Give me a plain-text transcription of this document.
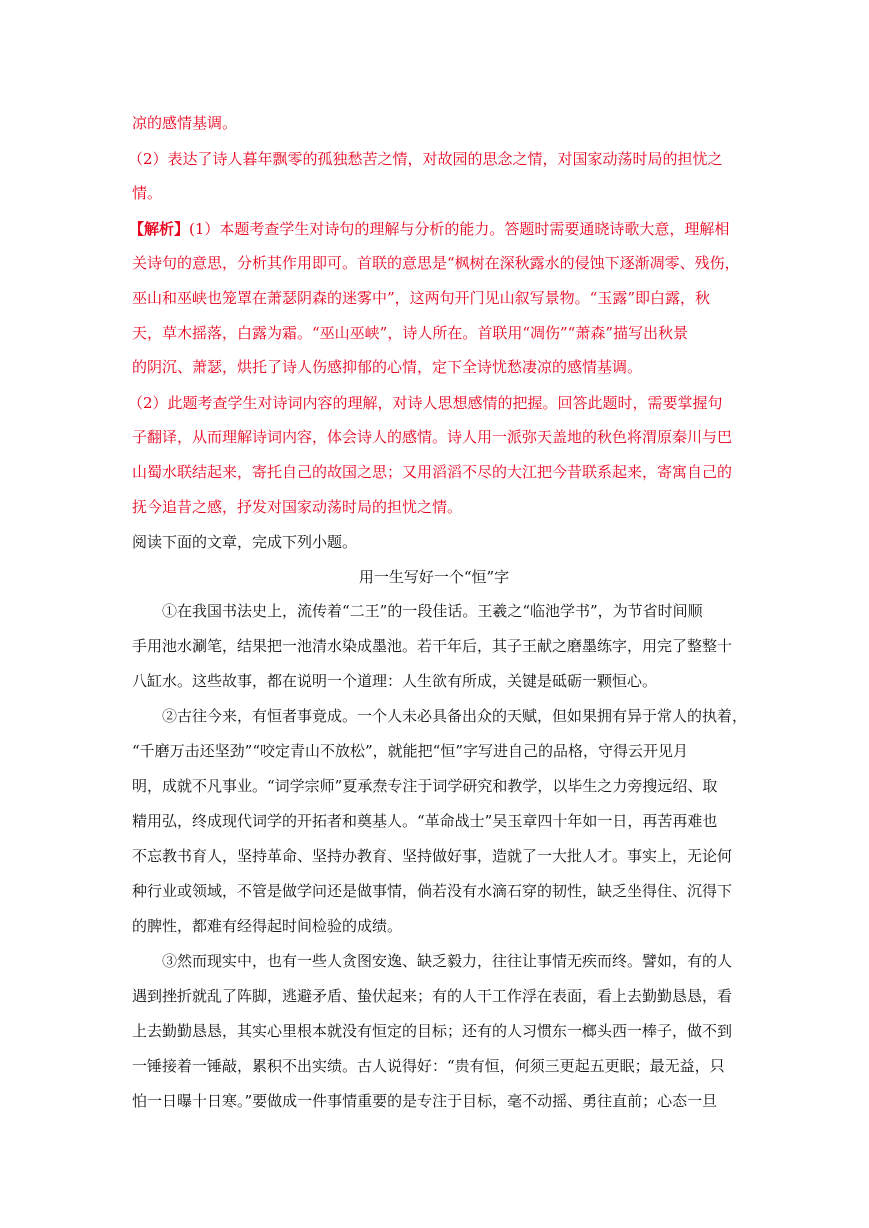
凉的感情基调。

（2）表达了诗人暮年飘零的孤独愁苦之情，对故园的思念之情，对国家动荡时局的担忧之

情。

【解析】(1）本题考查学生对诗句的理解与分析的能力。答题时需要通晓诗歌大意，理解相

关诗句的意思，分析其作用即可。首联的意思是“枫树在深秋露水的侵蚀下逐渐凋零、残伤，

巫山和巫峡也笼罩在萧瑟阴森的迷雾中”，这两句开门见山叙写景物。“玉露”即白露，秋

天，草木摇落，白露为霜。“巫山巫峡”，诗人所在。首联用“凋伤”“萧森”描写出秋景

的阴沉、萧瑟，烘托了诗人伤感抑郁的心情，定下全诗忧愁凄凉的感情基调。

（2）此题考查学生对诗词内容的理解，对诗人思想感情的把握。回答此题时，需要掌握句

子翻译，从而理解诗词内容，体会诗人的感情。诗人用一派弥天盖地的秋色将渭原秦川与巴

山蜀水联结起来，寄托自己的故国之思；又用滔滔不尽的大江把今昔联系起来，寄寓自己的

抚今追昔之感，抒发对国家动荡时局的担忧之情。

阅读下面的文章，完成下列小题。

用一生写好一个“恒”字

①在我国书法史上，流传着“二王”的一段佳话。王羲之“临池学书”，为节省时间顺

手用池水涮笔，结果把一池清水染成墨池。若干年后，其子王献之磨墨练字，用完了整整十

八缸水。这些故事，都在说明一个道理：人生欲有所成，关键是砥砺一颗恒心。

②古往今来，有恒者事竟成。一个人未必具备出众的天赋，但如果拥有异于常人的执着，

“千磨万击还坚劲”“咬定青山不放松”，就能把“恒”字写进自己的品格，守得云开见月

明，成就不凡事业。“词学宗师”夏承焘专注于词学研究和教学，以毕生之力旁搜远绍、取

精用弘，终成现代词学的开拓者和奠基人。“革命战士”吴玉章四十年如一日，再苦再难也

不忘教书育人，坚持革命、坚持办教育、坚持做好事，造就了一大批人才。事实上，无论何

种行业或领域，不管是做学问还是做事情，倘若没有水滴石穿的韧性，缺乏坐得住、沉得下

的脾性，都难有经得起时间检验的成绩。

③然而现实中，也有一些人贪图安逸、缺乏毅力，往往让事情无疾而终。譬如，有的人

遇到挫折就乱了阵脚，逃避矛盾、蛰伏起来；有的人干工作浮在表面，看上去勤勤恳恳，看

上去勤勤恳恳，其实心里根本就没有恒定的目标；还有的人习惯东一榔头西一棒子，做不到

一锤接着一锤敲，累积不出实绩。古人说得好：“贵有恒，何须三更起五更眠；最无益，只

怕一日曝十日寒。”要做成一件事情重要的是专注于目标，毫不动摇、勇往直前；心态一旦
